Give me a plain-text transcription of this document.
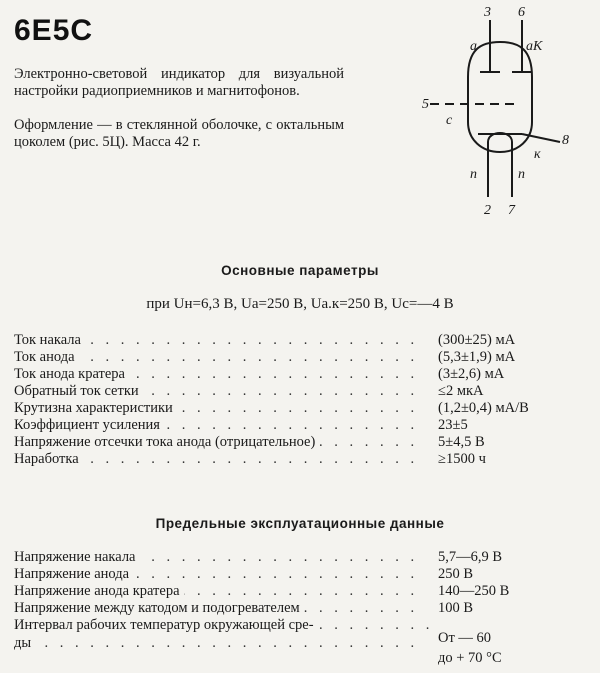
6Е5С
Электронно-световой индикатор для визуальной настройки радиоприемников и магнитофонов.
Оформление — в стеклянной оболочке, с октальным цоколем (рис. 5Ц). Масса 42 г.
3 6
а	аК
5
с
8
к
п	п
2 7
Основные параметры
при Uн=6,3 В, Uа=250 В, Uа.к=250 В, Uс=—4 В
Ток накала . . .	(300±25) мА
Ток анода . . .	(5,3±1,9) мА
Ток анода кратера . . .	(3±2,6) мА
Обратный ток сетки . . .	≤2 мкА
Крутизна характеристики . . .	(1,2±0,4) мА/В
Коэффициент усиления . . .	23±5
Напряжение отсечки тока анода (отрицательное) . . .	5±4,5 В
Наработка . . .	≥1500 ч
Предельные эксплуатационные данные
Напряжение накала . . .	5,7—6,9 В
Напряжение анода . . .	250 В
Напряжение анода кратера . . .	140—250 В
Напряжение между катодом и подогревателем . . .	100 В
Интервал рабочих температур окружающей сре- . . .
ды . . .	От — 60
до + 70 °С
